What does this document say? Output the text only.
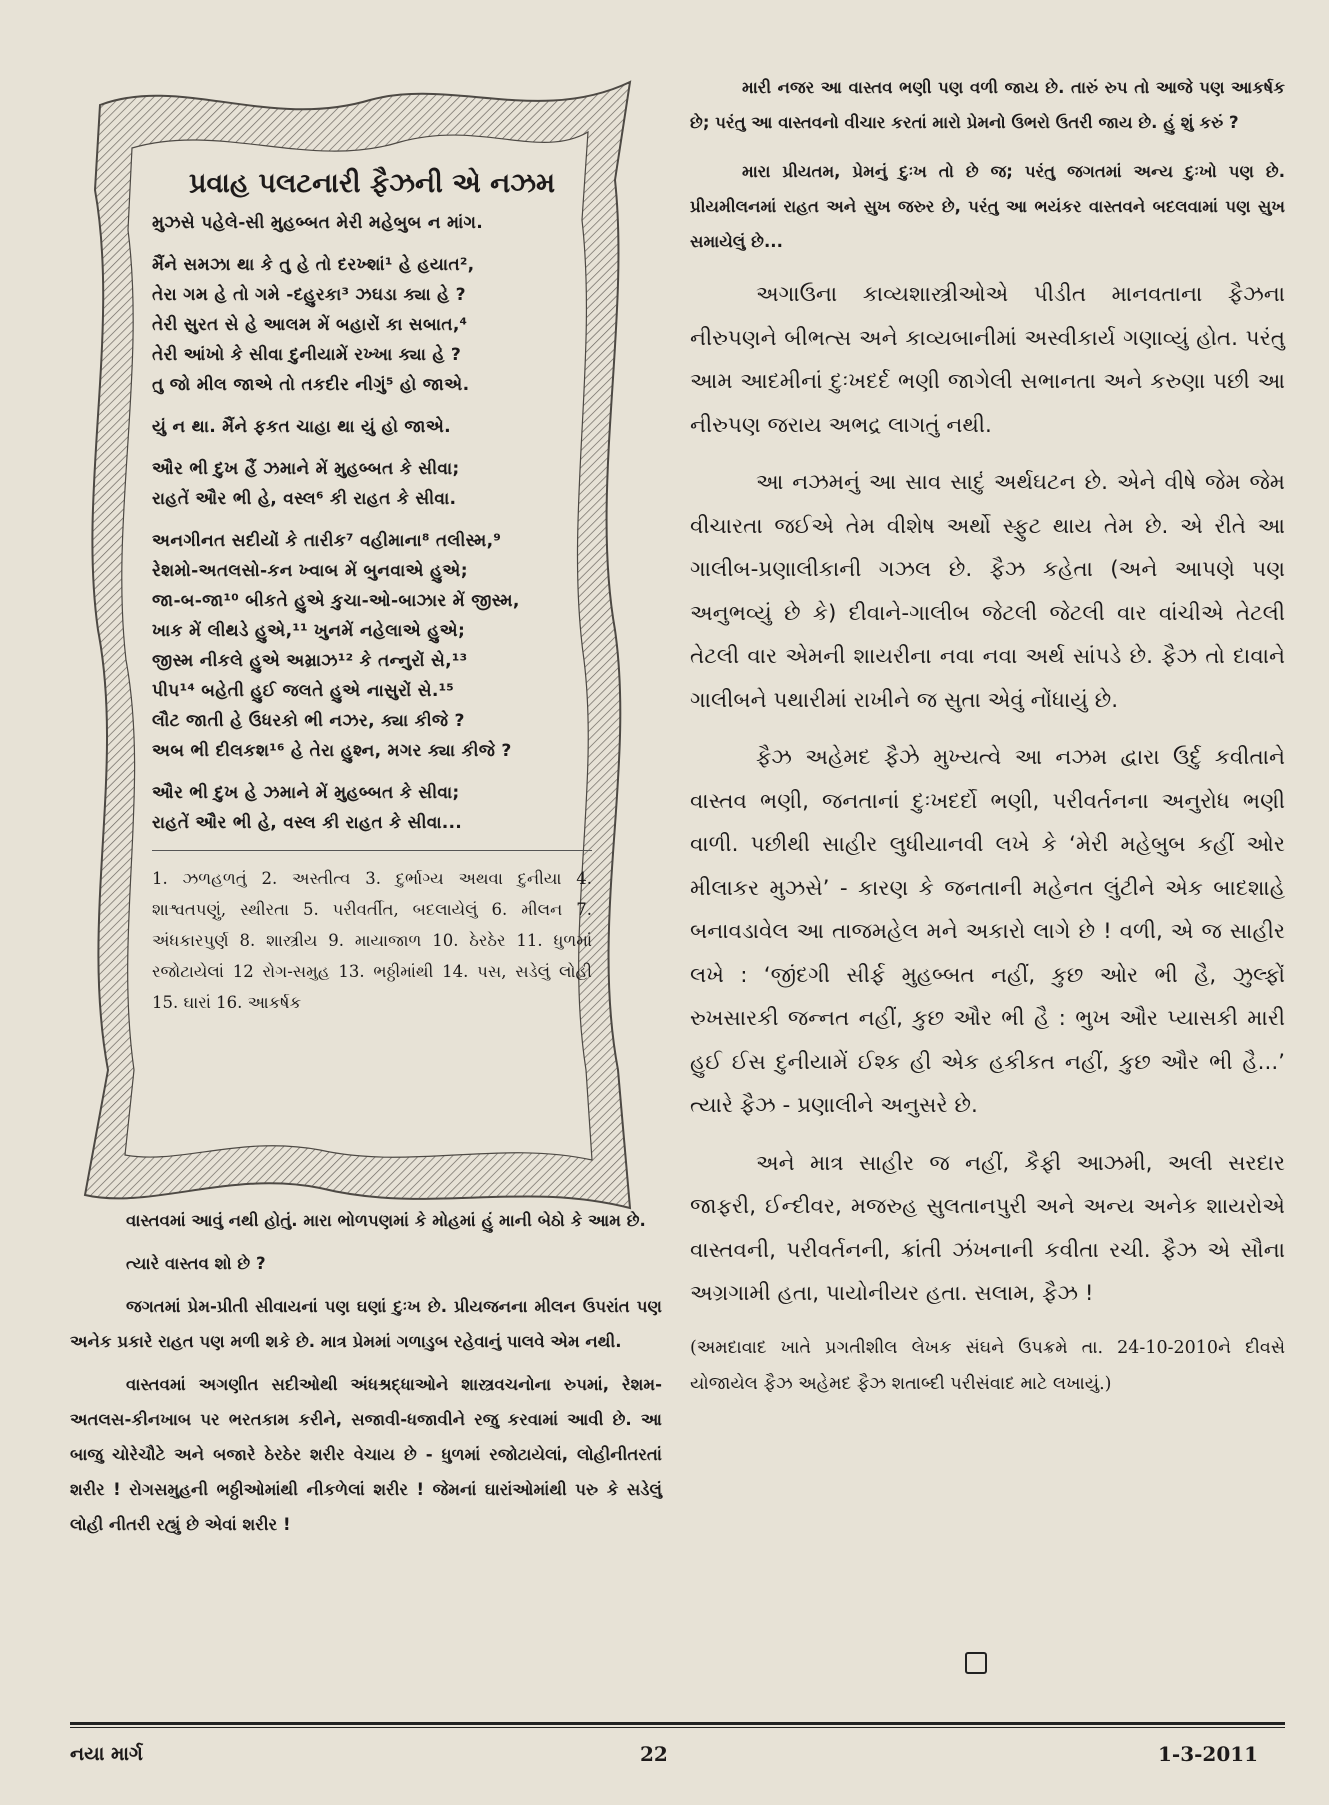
પ્રવાહ પલટનારી ફૈઝની એ નઝમ
મુઝસે પહેલે-સી મુહબ્બત મેરી મહેબુબ ન માંગ.
મૈંને સમઝા થા કે તુ હે તો દરખ્શાં¹ હે હયાત²,
તેરા ગમ હે તો ગમે -દહુરકા³ ઝઘડા ક્યા હે ?
તેરી સુરત સે હે આલમ મેં બહારોં કા સબાત,⁴
તેરી આંખો કે સીવા દુનીયામેં રખ્ખા ક્યા હે ?
તુ જો મીલ જાએ તો તકદીર નીગું⁵ હો જાએ.
યું ન થા. મૈંને ફકત ચાહા થા યું હો જાએ.
ઔર ભી દુખ હૈં ઝમાને મેં મુહબ્બત કે સીવા;
રાહતેં ઔર ભી હે, વસ્લ⁶ કી રાહત કે સીવા.
અનગીનત સદીયોં કે તારીક⁷ વહીમાના⁸ તલીસ્મ,⁹
રેશમો-અતલસો-કન ખ્વાબ મેં બુનવાએ હુએ;
જા-બ-જા¹⁰ બીકતે હુએ કુચા-ઓ-બાઝાર મેં જીસ્મ,
ખાક મેં લીથડે હુએ,¹¹ ખુનમેં નહેલાએ હુએ;
જીસ્મ નીકલે હુએ અમ્રાઝ¹² કે તન્નુરોં સે,¹³
પીપ¹⁴ બહેતી હુઈ જલતે હુએ નાસુરોં સે.¹⁵
લૌટ જાતી હે ઉધરકો ભી નઝર, ક્યા કીજે ?
અબ ભી દીલકશ¹⁶ હે તેરા હુશ્ન, મગર ક્યા કીજે ?
ઔર ભી દુખ હે ઝમાને મેં મુહબ્બત કે સીવા;
રાહતેં ઔર ભી હે, વસ્લ કી રાહત કે સીવા...
1. ઝળહળતું 2. અસ્તીત્વ 3. દુર્ભાગ્ય અથવા દુનીયા 4. શાશ્વતપણું, સ્થીરતા 5. પરીવર્તીત, બદલાયેલું 6. મીલન 7. અંધકારપુર્ણ 8. શાસ્ત્રીય 9. માયાજાળ 10. ઠેરઠેર 11. ધુળમાં રજોટાયેલાં 12 રોગ-સમુહ 13. ભઠ્ઠીમાંથી 14. પસ, સડેલું લોહી 15. ઘારાં 16. આકર્ષક

વાસ્તવમાં આવું નથી હોતું. મારા ભોળપણમાં કે મોહમાં હું માની બેઠો કે આમ છે.

ત્યારે વાસ્તવ શો છે ?

જગતમાં પ્રેમ-પ્રીતી સીવાયનાં પણ ઘણાં દુઃખ છે. પ્રીયજનના મીલન ઉપરાંત પણ અનેક પ્રકારે રાહત પણ મળી શકે છે. માત્ર પ્રેમમાં ગળાડુબ રહેવાનું પાલવે એમ નથી.

વાસ્તવમાં અગણીત સદીઓથી અંધશ્રદ્ધાઓને શાસ્ત્રવચનોના રુપમાં, રેશમ-અતલસ-કીનખાબ પર ભરતકામ કરીને, સજાવી-ધજાવીને રજુ કરવામાં આવી છે. આ બાજુ ચોરેચૌટે અને બજારે ઠેરઠેર શરીર વેચાય છે - ધુળમાં રજોટાયેલાં, લોહીનીતરતાં શરીર ! રોગસમુહની ભઠ્ઠીઓમાંથી નીકળેલાં શરીર ! જેમનાં ઘારાંઓમાંથી પરુ કે સડેલું લોહી નીતરી રહ્યું છે એવાં શરીર !

મારી નજર આ વાસ્તવ ભણી પણ વળી જાય છે. તારું રુપ તો આજે પણ આકર્ષક છે; પરંતુ આ વાસ્તવનો વીચાર કરતાં મારો પ્રેમનો ઉભરો ઉતરી જાય છે. હું શું કરું ?

મારા પ્રીયતમ, પ્રેમનું દુઃખ તો છે જ; પરંતુ જગતમાં અન્ય દુઃખો પણ છે. પ્રીયમીલનમાં રાહત અને સુખ જરુર છે, પરંતુ આ ભયંકર વાસ્તવને બદલવામાં પણ સુખ સમાયેલું છે...

અગાઉના કાવ્યશાસ્ત્રીઓએ પીડીત માનવતાના ફૈઝના નીરુપણને બીભત્સ અને કાવ્યબાનીમાં અસ્વીકાર્ય ગણાવ્યું હોત. પરંતુ આમ આદમીનાં દુઃખદર્દ ભણી જાગેલી સભાનતા અને કરુણા પછી આ નીરુપણ જરાય અભદ્ર લાગતું નથી.

આ નઝમનું આ સાવ સાદું અર્થઘટન છે. એને વીષે જેમ જેમ વીચારતા જઈએ તેમ વીશેષ અર્થો સ્ફુટ થાય તેમ છે. એ રીતે આ ગાલીબ-પ્રણાલીકાની ગઝલ છે. ફૈઝ કહેતા (અને આપણે પણ અનુભવ્યું છે કે) દીવાને-ગાલીબ જેટલી જેટલી વાર વાંચીએ તેટલી તેટલી વાર એમની શાયરીના નવા નવા અર્થ સાંપડે છે. ફૈઝ તો દાવાને ગાલીબને પથારીમાં રાખીને જ સુતા એવું નોંધાયું છે.

ફૈઝ અહેમદ ફૈઝે મુખ્યત્વે આ નઝમ દ્વારા ઉર્દુ કવીતાને વાસ્તવ ભણી, જનતાનાં દુઃખદર્દો ભણી, પરીવર્તનના અનુરોધ ભણી વાળી. પછીથી સાહીર લુધીયાનવી લખે કે ‘મેરી મહેબુબ કહીં ઓર મીલાકર મુઝસે’ - કારણ કે જનતાની મહેનત લુંટીને એક બાદશાહે બનાવડાવેલ આ તાજમહેલ મને અકારો લાગે છે ! વળી, એ જ સાહીર લખે : ‘જીંદગી સીર્ફ મુહબ્બત નહીં, કુછ ઓર ભી હૈ, ઝુલ્ફોં રુખસારકી જન્નત નહીં, કુછ ઔર ભી હૈ : ભુખ ઔર પ્યાસકી મારી હુઈ ઈસ દુનીયામેં ઈશ્ક હી એક હકીકત નહીં, કુછ ઔર ભી હૈ...’ ત્યારે ફૈઝ - પ્રણાલીને અનુસરે છે.

અને માત્ર સાહીર જ નહીં, કૈફી આઝમી, અલી સરદાર જાફરી, ઈન્દીવર, મજરુહ સુલતાનપુરી અને અન્ય અનેક શાયરોએ વાસ્તવની, પરીવર્તનની, ક્રાંતી ઝંખનાની કવીતા રચી. ફૈઝ એ સૌના અગ્રગામી હતા, પાયોનીયર હતા. સલામ, ફૈઝ !

(અમદાવાદ ખાતે પ્રગતીશીલ લેખક સંઘને ઉપક્રમે તા. 24-10-2010ને દીવસે યોજાયેલ ફૈઝ અહેમદ ફૈઝ શતાબ્દી પરીસંવાદ માટે લખાયું.)

નયા માર્ગ	22	1-3-2011
